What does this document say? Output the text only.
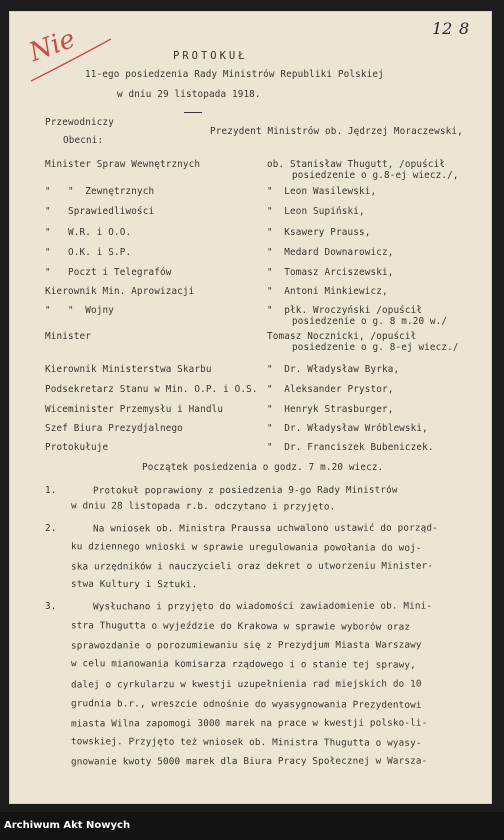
Nie	12 8
PROTOKUŁ
11-ego posiedzenia Rady Ministrów Republiki Polskiej
w dniu 29 listopada 1918.
Początek posiedzenia o godz. 7 m.20 wiecz.
Przewodniczy
Prezydent Ministrów ob. Jędrzej Moraczewski,
Obecni:
Minister Spraw Wewnętrznych	ob. Stanisław Thugutt, /opuścił
posiedzenie o g.8-ej wiecz./,
"   "  Zewnętrznych	"  Leon Wasilewski,
"   Sprawiedliwości	"  Leon Supiński,
"   W.R. i O.O.	"  Ksawery Prauss,
"   O.K. i S.P.	"  Medard Downarowicz,
"   Poczt i Telegrafów	"  Tomasz Arciszewski,
Kierownik Min. Aprowizacji	"  Antoni Minkiewicz,
"   "  Wojny	"  płk. Wroczyński /opuścił
posiedzenie o g. 8 m.20 w./
Minister	Tomasz Nocznicki, /opuścił
posiedzenie o g. 8-ej wiecz./
Kierownik Ministerstwa Skarbu	"  Dr. Władysław Byrka,
Podsekretarz Stanu w Min. O.P. i O.S. "  Aleksander Prystor,
Wiceminister Przemysłu i Handlu	"  Henryk Strasburger,
Szef Biura Prezydjalnego	"  Dr. Władysław Wróblewski,
Protokułuje	"  Dr. Franciszek Bubeniczek.
1.	Protokuł poprawiony z posiedzenia 9-go Rady Ministrów
w dniu 28 listopada r.b. odczytano i przyjęto.
2.	Na wniosek ob. Ministra Praussa uchwalono ustawić do porząd-
ku dziennego wnioski w sprawie uregulowania powołania do woj-
ska urzędników i nauczycieli oraz dekret o utworzeniu Minister-
stwa Kultury i Sztuki.
3.	Wysłuchano i przyjęto do wiadomości zawiadomienie ob. Mini-
stra Thugutta o wyjeździe do Krakowa w sprawie wyborów oraz
sprawozdanie o porozumiewaniu się z Prezydjum Miasta Warszawy
w celu mianowania komisarza rządowego i o stanie tej sprawy,
dalej o cyrkularzu w kwestji uzupełnienia rad miejskich do 10
grudnia b.r., wreszcie odnośnie do wyasygnowania Prezydentowi
miasta Wilna zapomogi 3000 marek na prace w kwestji polsko-li-
towskiej. Przyjęto też wniosek ob. Ministra Thugutta o wyasy-
gnowanie kwoty 5000 marek dla Biura Pracy Społecznej w Warsza-
Archiwum Akt Nowych
